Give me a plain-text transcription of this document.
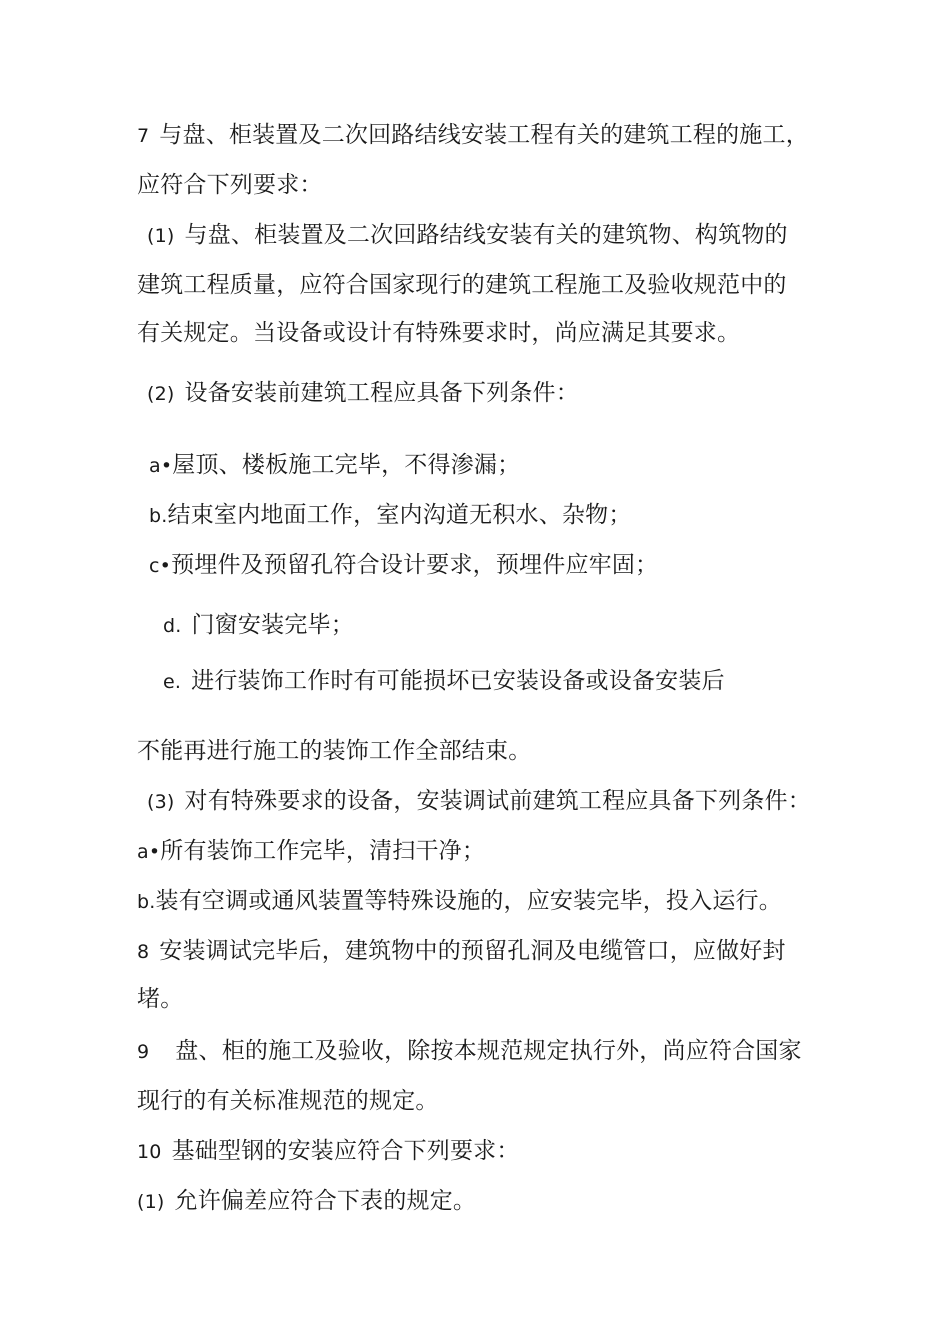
7 与盘、柜装置及二次回路结线安装工程有关的建筑工程的施工，
应符合下列要求：
(1) 与盘、柜装置及二次回路结线安装有关的建筑物、构筑物的
建筑工程质量，应符合国家现行的建筑工程施工及验收规范中的
有关规定。当设备或设计有特殊要求时，尚应满足其要求。
(2) 设备安装前建筑工程应具备下列条件：
a•屋顶、楼板施工完毕，不得渗漏；
b.结束室内地面工作，室内沟道无积水、杂物；
c•预埋件及预留孔符合设计要求，预埋件应牢固；
d. 门窗安装完毕；
e. 进行装饰工作时有可能损坏已安装设备或设备安装后
不能再进行施工的装饰工作全部结束。
(3) 对有特殊要求的设备，安装调试前建筑工程应具备下列条件：
a•所有装饰工作完毕，清扫干净；
b.装有空调或通风装置等特殊设施的，应安装完毕，投入运行。
8 安装调试完毕后，建筑物中的预留孔洞及电缆管口，应做好封
堵。
9 盘、柜的施工及验收，除按本规范规定执行外，尚应符合国家
现行的有关标准规范的规定。
10 基础型钢的安装应符合下列要求：
(1) 允许偏差应符合下表的规定。
